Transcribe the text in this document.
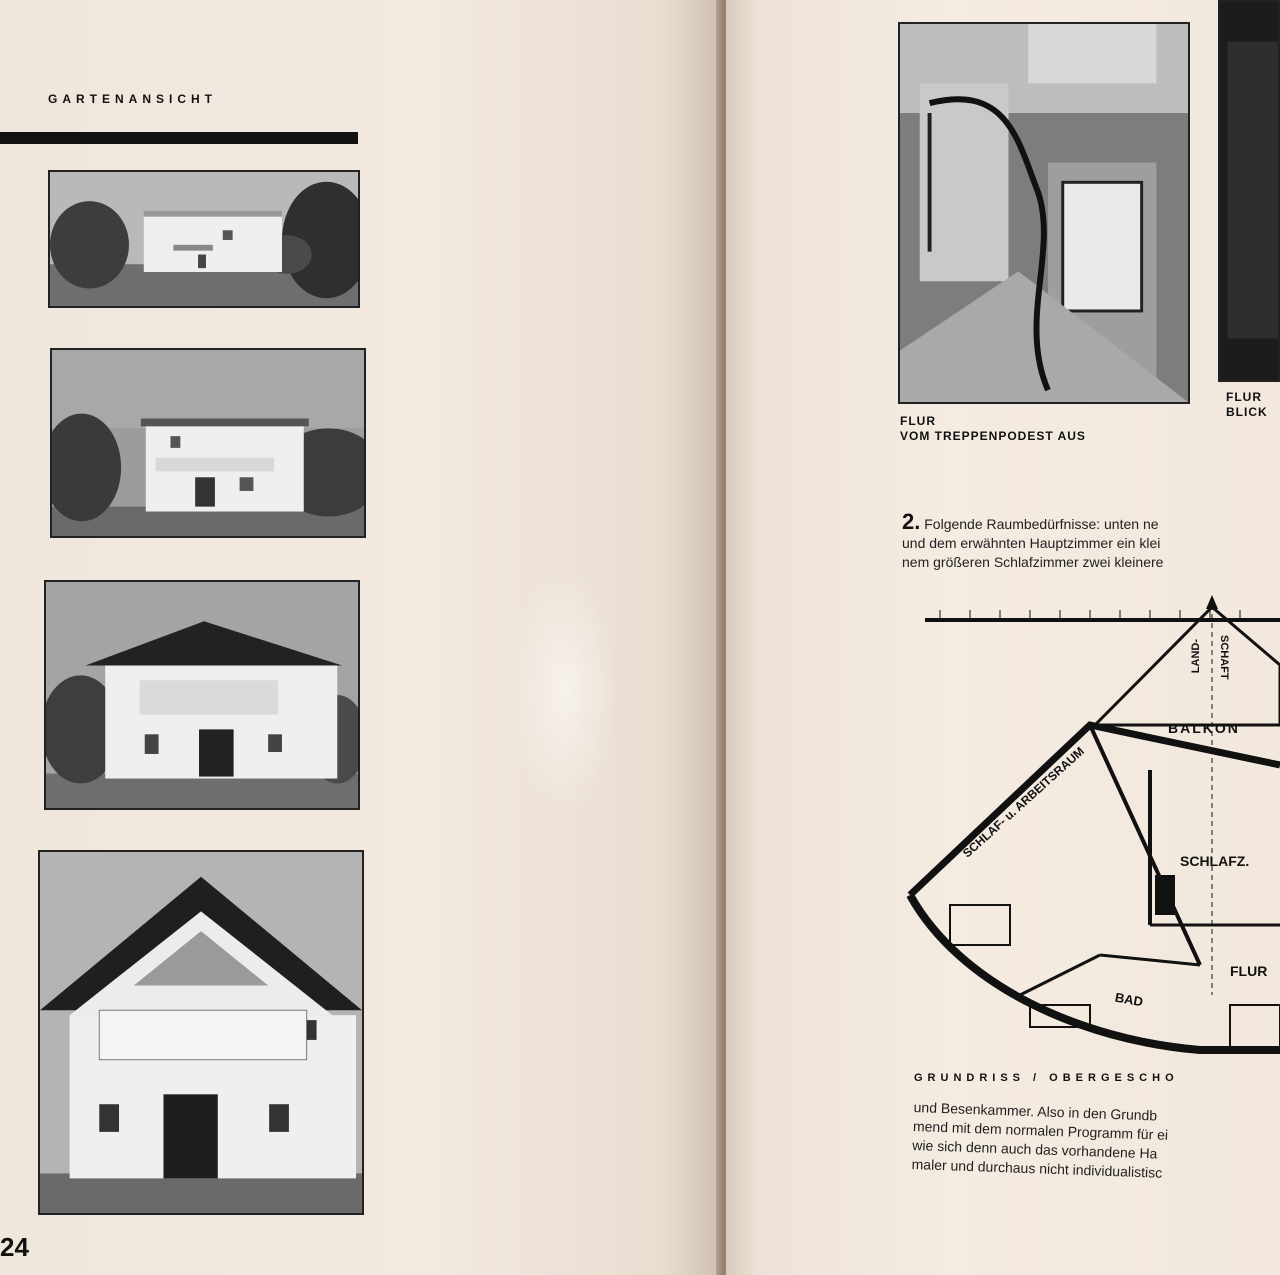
GARTENANSICHT
24
FLUR
VOM TREPPENPODEST AUS
FLUR
BLICK
2. Folgende Raumbedürfnisse: unten ne
und dem erwähnten Hauptzimmer ein klei
nem größeren Schlafzimmer zwei kleinere
BALKON
LAND- SCHAFT
SCHLAF- u. ARBEITSRAUM
SCHLAFZ.
BAD
FLUR
GRUNDRISS / OBERGESCHO
und Besenkammer. Also in den Grundb
mend mit dem normalen Programm für ei
wie sich denn auch das vorhandene Ha
maler und durchaus nicht individualistisc
